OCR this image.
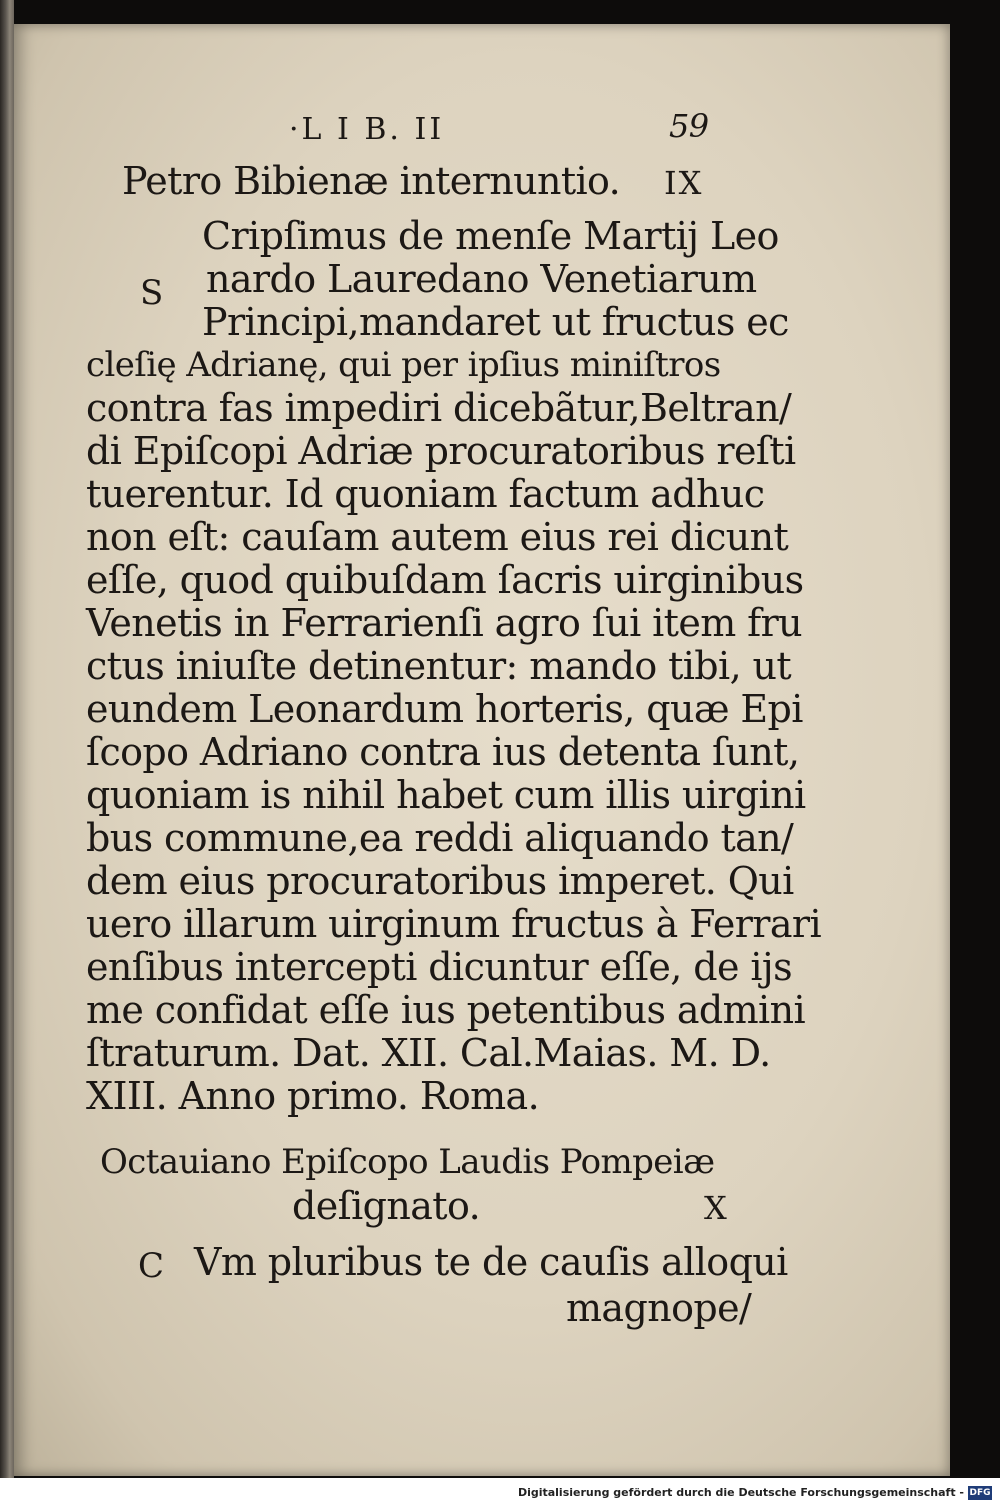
·L I B. II	59
Petro Bibienæ internuntio. IX
Cripſimus de menſe Martij Leo
S nardo Lauredano Venetiarum
Principi,mandaret ut fructus ec
cleſię Adrianę, qui per ipſius miniſtros
contra fas impediri dicebãtur,Beltran/
di Epiſcopi Adriæ procuratoribus reſti
tuerentur. Id quoniam factum adhuc
non eſt: cauſam autem eius rei dicunt
eſſe, quod quibuſdam ſacris uirginibus
Venetis in Ferrarienſi agro ſui item fru
ctus iniuſte detinentur: mando tibi, ut
eundem Leonardum horteris, quæ Epi
ſcopo Adriano contra ius detenta ſunt,
quoniam is nihil habet cum illis uirgini
bus commune,ea reddi aliquando tan/
dem eius procuratoribus imperet. Qui
uero illarum uirginum fructus à Ferrari
enſibus intercepti dicuntur eſſe, de ijs
me confidat eſſe ius petentibus admini
ſtraturum. Dat. XII. Cal.Maias. M. D.
XIII. Anno primo. Roma.
Octauiano Epiſcopo Laudis Pompeiæ
deſignato.	X
C Vm pluribus te de cauſis alloqui
magnope/
Digitalisierung gefördert durch die Deutsche Forschungsgemeinschaft - DFG
